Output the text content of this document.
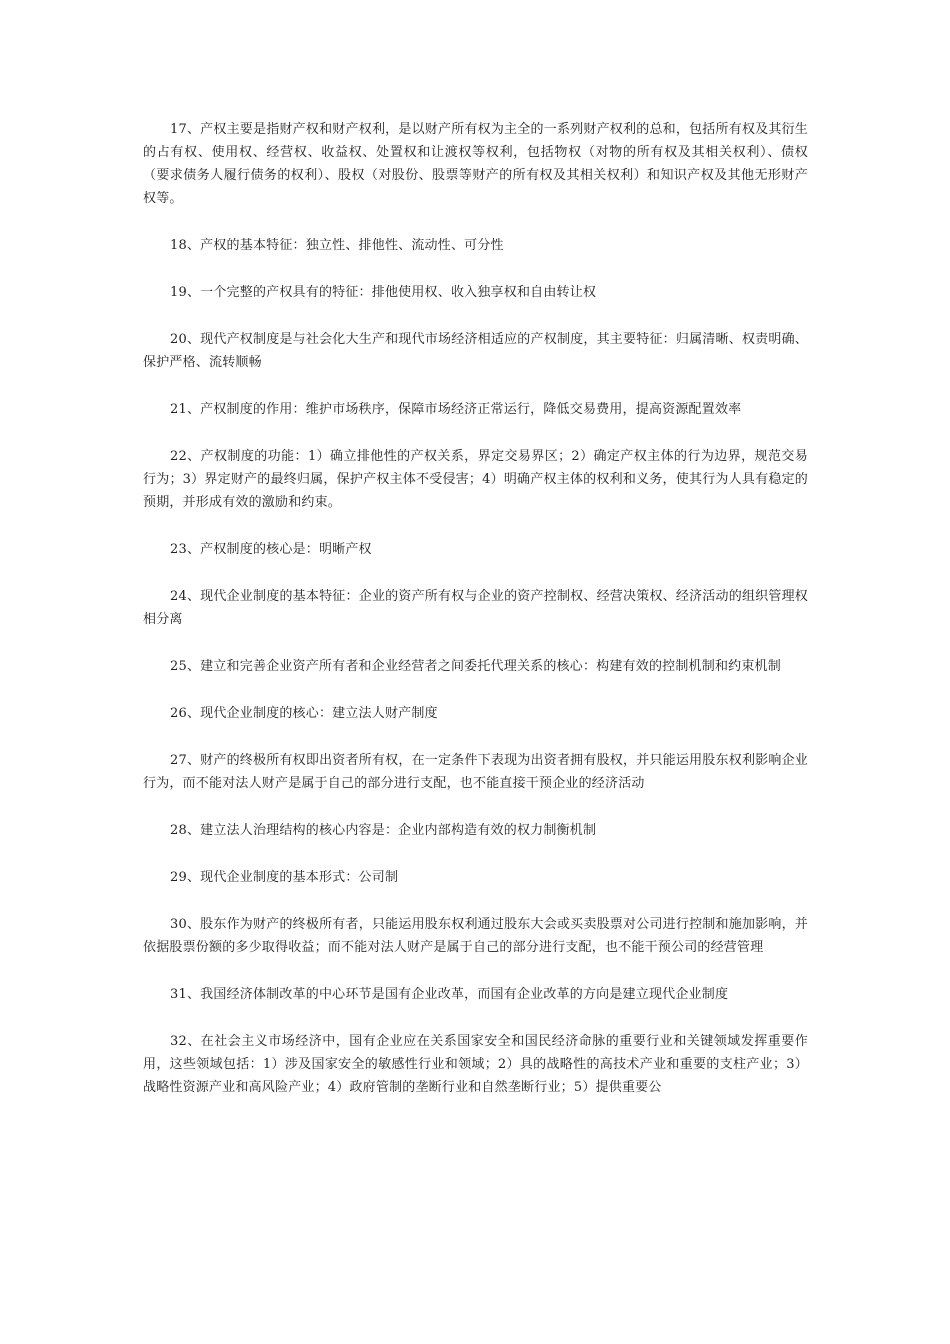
17、产权主要是指财产权和财产权利，是以财产所有权为主全的一系列财产权利的总和，包括所有权及其衍生的占有权、使用权、经营权、收益权、处置权和让渡权等权利，包括物权（对物的所有权及其相关权利）、债权（要求债务人履行债务的权利）、股权（对股份、股票等财产的所有权及其相关权利）和知识产权及其他无形财产权等。

18、产权的基本特征：独立性、排他性、流动性、可分性

19、一个完整的产权具有的特征：排他使用权、收入独享权和自由转让权

20、现代产权制度是与社会化大生产和现代市场经济相适应的产权制度，其主要特征：归属清晰、权责明确、保护严格、流转顺畅

21、产权制度的作用：维护市场秩序，保障市场经济正常运行，降低交易费用，提高资源配置效率

22、产权制度的功能：1）确立排他性的产权关系，界定交易界区；2）确定产权主体的行为边界，规范交易行为；3）界定财产的最终归属，保护产权主体不受侵害；4）明确产权主体的权利和义务，使其行为人具有稳定的预期，并形成有效的激励和约束。

23、产权制度的核心是：明晰产权

24、现代企业制度的基本特征：企业的资产所有权与企业的资产控制权、经营决策权、经济活动的组织管理权相分离

25、建立和完善企业资产所有者和企业经营者之间委托代理关系的核心：构建有效的控制机制和约束机制

26、现代企业制度的核心：建立法人财产制度

27、财产的终极所有权即出资者所有权，在一定条件下表现为出资者拥有股权，并只能运用股东权利影响企业行为，而不能对法人财产是属于自己的部分进行支配，也不能直接干预企业的经济活动

28、建立法人治理结构的核心内容是：企业内部构造有效的权力制衡机制

29、现代企业制度的基本形式：公司制

30、股东作为财产的终极所有者，只能运用股东权利通过股东大会或买卖股票对公司进行控制和施加影响，并依据股票份额的多少取得收益；而不能对法人财产是属于自己的部分进行支配，也不能干预公司的经营管理

31、我国经济体制改革的中心环节是国有企业改革，而国有企业改革的方向是建立现代企业制度

32、在社会主义市场经济中，国有企业应在关系国家安全和国民经济命脉的重要行业和关键领域发挥重要作用，这些领域包括：1）涉及国家安全的敏感性行业和领域；2）具的战略性的高技术产业和重要的支柱产业；3）战略性资源产业和高风险产业；4）政府管制的垄断行业和自然垄断行业；5）提供重要公
